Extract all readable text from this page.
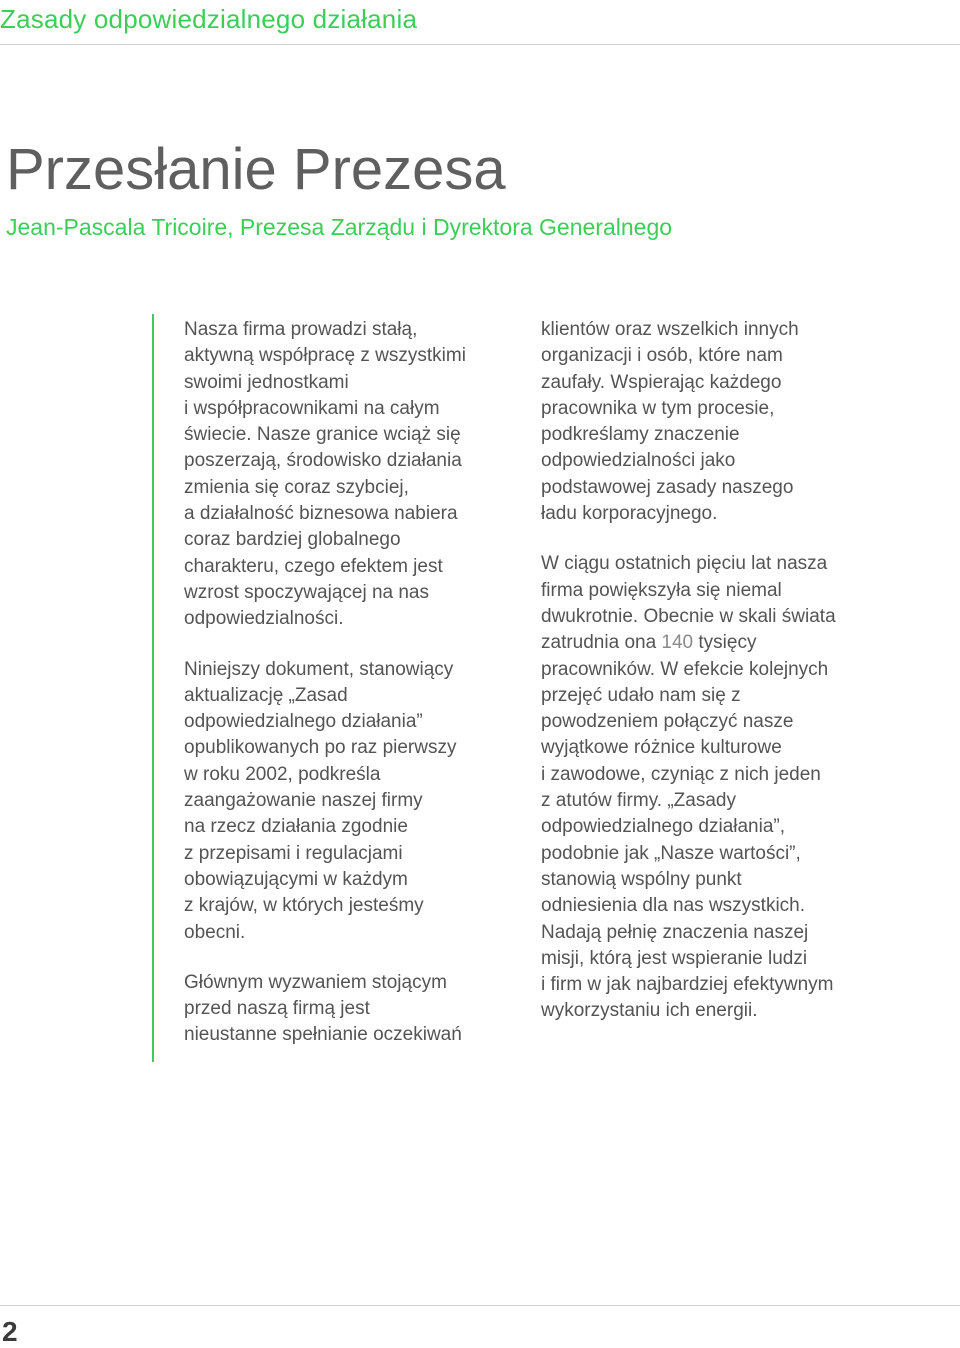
Zasady odpowiedzialnego działania
Przesłanie Prezesa
Jean-Pascala Tricoire, Prezesa Zarządu i Dyrektora Generalnego
Nasza firma prowadzi stałą,
aktywną współpracę z wszystkimi
swoimi jednostkami
i współpracownikami na całym
świecie. Nasze granice wciąż się
poszerzają, środowisko działania
zmienia się coraz szybciej,
a działalność biznesowa nabiera
coraz bardziej globalnego
charakteru, czego efektem jest
wzrost spoczywającej na nas
odpowiedzialności.
Niniejszy dokument, stanowiący
aktualizację „Zasad
odpowiedzialnego działania”
opublikowanych po raz pierwszy
w roku 2002, podkreśla
zaangażowanie naszej firmy
na rzecz działania zgodnie
z przepisami i regulacjami
obowiązującymi w każdym
z krajów, w których jesteśmy
obecni.
Głównym wyzwaniem stojącym
przed naszą firmą jest
nieustanne spełnianie oczekiwań
klientów oraz wszelkich innych
organizacji i osób, które nam
zaufały. Wspierając każdego
pracownika w tym procesie,
podkreślamy znaczenie
odpowiedzialności jako
podstawowej zasady naszego
ładu korporacyjnego.
W ciągu ostatnich pięciu lat nasza
firma powiększyła się niemal
dwukrotnie. Obecnie w skali świata
zatrudnia ona 140 tysięcy
pracowników. W efekcie kolejnych
przejęć udało nam się z
powodzeniem połączyć nasze
wyjątkowe różnice kulturowe
i zawodowe, czyniąc z nich jeden
z atutów firmy. „Zasady
odpowiedzialnego działania”,
podobnie jak „Nasze wartości”,
stanowią wspólny punkt
odniesienia dla nas wszystkich.
Nadają pełnię znaczenia naszej
misji, którą jest wspieranie ludzi
i firm w jak najbardziej efektywnym
wykorzystaniu ich energii.
2
